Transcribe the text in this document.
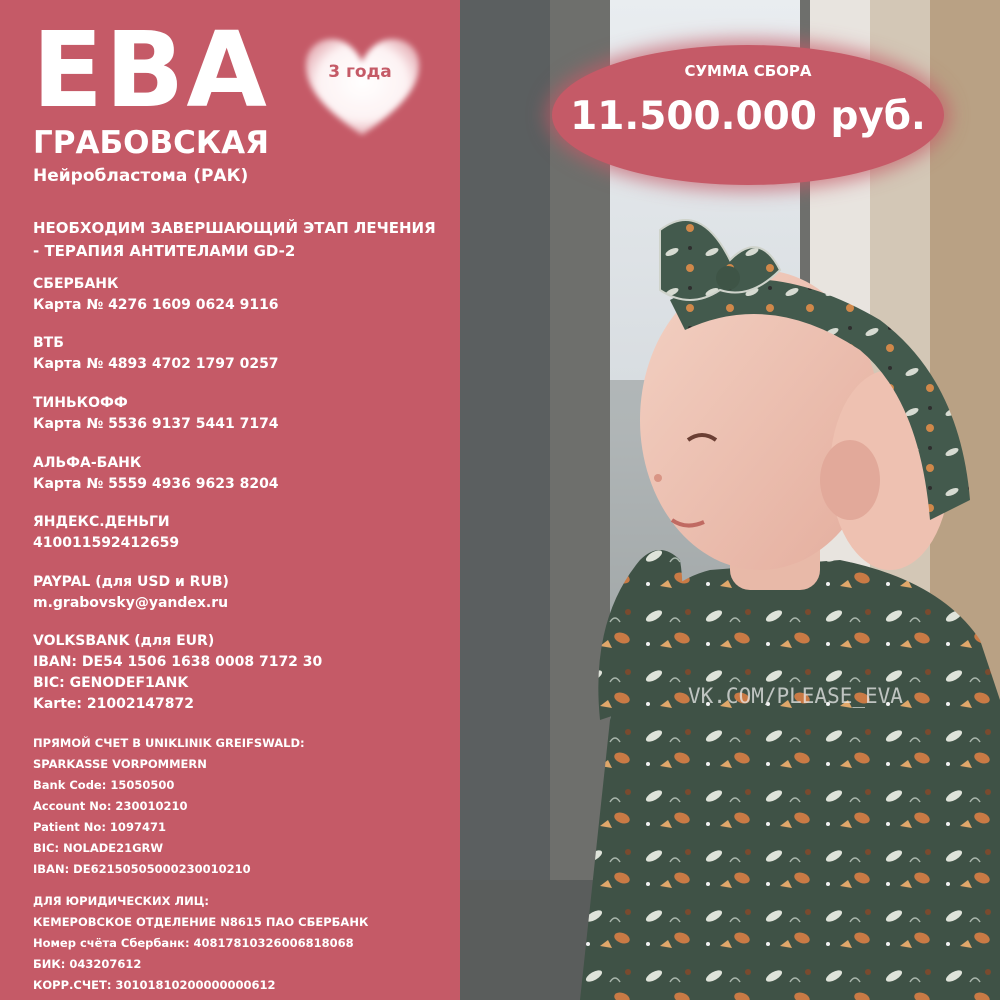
ЕВА
ГРАБОВСКАЯ
Нейробластома (РАК)
3 года
НЕОБХОДИМ ЗАВЕРШАЮЩИЙ ЭТАП ЛЕЧЕНИЯ
- ТЕРАПИЯ АНТИТЕЛАМИ GD-2
СБЕРБАНК
Карта № 4276 1609 0624 9116
ВТБ
Карта № 4893 4702 1797 0257
ТИНЬКОФФ
Карта № 5536 9137 5441 7174
АЛЬФА-БАНК
Карта № 5559 4936 9623 8204
ЯНДЕКС.ДЕНЬГИ
410011592412659
PAYPAL (для USD и RUB)
m.grabovsky@yandex.ru
VOLKSBANK (для EUR)
IBAN: DE54 1506 1638 0008 7172 30
BIC: GENODEF1ANK
Karte: 21002147872
ПРЯМОЙ СЧЕТ В UNIKLINIK GREIFSWALD:
SPARKASSE VORPOMMERN
Bank Code: 15050500
Account No: 230010210
Patient No: 1097471
BIC: NOLADE21GRW
IBAN: DE62150505000230010210
ДЛЯ ЮРИДИЧЕСКИХ ЛИЦ:
КЕМЕРОВСКОЕ ОТДЕЛЕНИЕ N8615 ПАО СБЕРБАНК
Номер счёта Сбербанк: 40817810326006818068
БИК: 043207612
КОРР.СЧЕТ: 30101810200000000612
СУММА СБОРА
11.500.000 руб.
VK.COM/PLEASE_EVA
